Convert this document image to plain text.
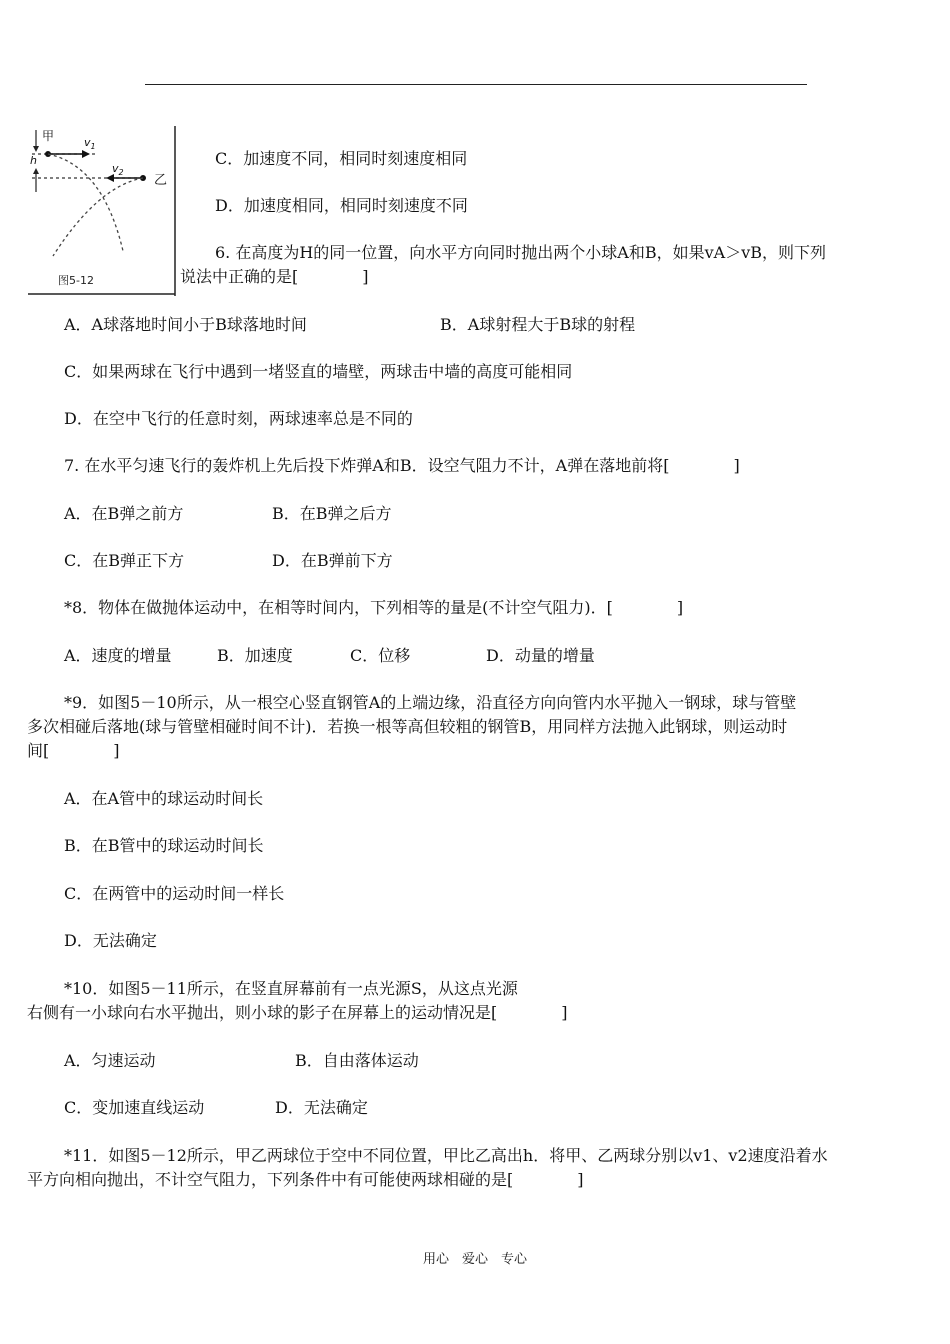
甲	$v_1$
h
$v_2$
乙
图5-12
C．加速度不同，相同时刻速度相同
D．加速度相同，相同时刻速度不同
6. 在高度为H的同一位置，向水平方向同时抛出两个小球A和B，如果vA＞vB，则下列
说法中正确的是[　　　　]
A．A球落地时间小于B球落地时间	B．A球射程大于B球的射程
C．如果两球在飞行中遇到一堵竖直的墙壁，两球击中墙的高度可能相同
D．在空中飞行的任意时刻，两球速率总是不同的
7. 在水平匀速飞行的轰炸机上先后投下炸弹A和B．设空气阻力不计，A弹在落地前将[　　　　]
A．在B弹之前方	B．在B弹之后方
C．在B弹正下方	D．在B弹前下方
*8．物体在做抛体运动中，在相等时间内，下列相等的量是(不计空气阻力)．[　　　　]
A．速度的增量	B．加速度	C．位移	D．动量的增量
*9．如图5－10所示，从一根空心竖直钢管A的上端边缘，沿直径方向向管内水平抛入一钢球，球与管壁
多次相碰后落地(球与管壁相碰时间不计)．若换一根等高但较粗的钢管B，用同样方法抛入此钢球，则运动时
间[　　　　]
A．在A管中的球运动时间长
B．在B管中的球运动时间长
C．在两管中的运动时间一样长
D．无法确定
*10．如图5－11所示，在竖直屏幕前有一点光源S，从这点光源
右侧有一小球向右水平抛出，则小球的影子在屏幕上的运动情况是[　　　　]
A．匀速运动	B．自由落体运动
C．变加速直线运动	D．无法确定
*11．如图5－12所示，甲乙两球位于空中不同位置，甲比乙高出h．将甲、乙两球分别以v1、v2速度沿着水
平方向相向抛出，不计空气阻力，下列条件中有可能使两球相碰的是[　　　　]
用心　爱心　专心
